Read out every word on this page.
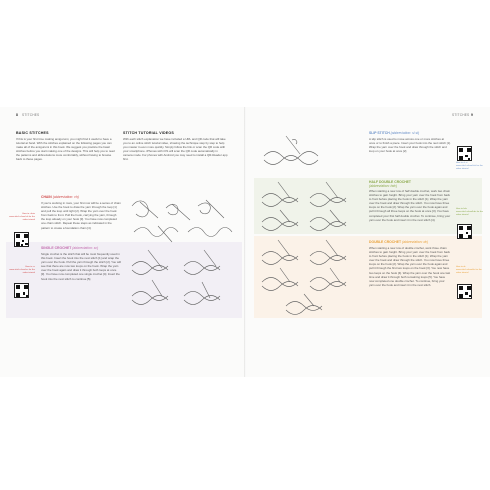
8 STITCHES	STITCHES 9
BASIC STITCHES
If this is your first time making amigurumi, you might find it useful to have a tutorial at hand. With the stitches explained on the following pages you can make all of the amigurumi in this book. We suggest you practice the basic stitches before you start making one of the designs. This will help you to read the patterns and abbreviations more comfortably, without having to browse back to these pages.
STITCH TUTORIAL VIDEOS
With each stitch explanation we have included a URL and QR code that will take you to an online stitch tutorial video, showing the technique step by step to help you master it even more quickly. Simply follow the link or scan the QR code with your smartphone. iPhones with iOS will scan the QR code automatically in camera mode. For phones with Android you may need to install a QR-Reader app first.
CHAIN (abbreviation: ch)
If you're working in rows, your first row will be a series of chain stitches. Use the hook to draw the yarn through the loop [1] and pull the loop until tight [2]. Wrap the yarn over the hook from back to front. Pull the hook, carrying the yarn, through the loop already on your hook [3]. You have now completed one chain stitch. Repeat these steps as indicated in the pattern to create a foundation chain [4].
How to chain www.stitch.show/ch for the video tutorial
SINGLE CROCHET (abbreviation: sc)
Single crochet is the stitch that will be most frequently used in this book. Insert the hook into the next stitch [1] and wrap the yarn over the hook. Pull the yarn through the stitch [2]. You will see that there are now two loops on the hook. Wrap the yarn over the hook again and draw it through both loops at once [3]. You have now completed one single crochet [4]. Insert the hook into the next stitch to continue [5].
How to sc www.stitch.show/sc for the video tutorial
SLIP STITCH (abbreviation: sl st)
A slip stitch is used to move across one or more stitches at once or to finish a piece. Insert your hook into the next stitch [1]. Wrap the yarn over the hook and draw through the stitch and loop on your hook at once [2].
How to sl st www.stitch.show/slst for the video tutorial
HALF DOUBLE CROCHET
(abbreviation: hdc)
When starting a new row of half double crochet, work two chain stitches to gain height. Bring your yarn over the hook from back to front before placing the hook in the stitch [1]. Wrap the yarn over the hook and draw through the stitch. You now have three loops on the hook [2]. Wrap the yarn over the hook again and pull it through all three loops on the hook at once [3]. You have completed your first half double crochet. To continue, bring your yarn over the hook and insert it in the next stitch [4].
How to hdc www.stitch.show/hdc for the video tutorial
DOUBLE CROCHET (abbreviation: dc)
When starting a new row of double crochet, work three chain stitches to gain height. Bring your yarn over the hook from back to front before placing the hook in the stitch [1]. Wrap the yarn over the hook and draw through the stitch. You now have three loops on the hook [2]. Wrap the yarn over the hook again and pull it through the first two loops on the hook [3]. You now have two loops on the hook [4]. Wrap the yarn over the hook one last time and draw it through both remaining loops [5]. You have now completed one double crochet. To continue, bring your yarn over the hook and insert it in the next stitch.
How to dc www.stitch.show/dc for the video tutorial
